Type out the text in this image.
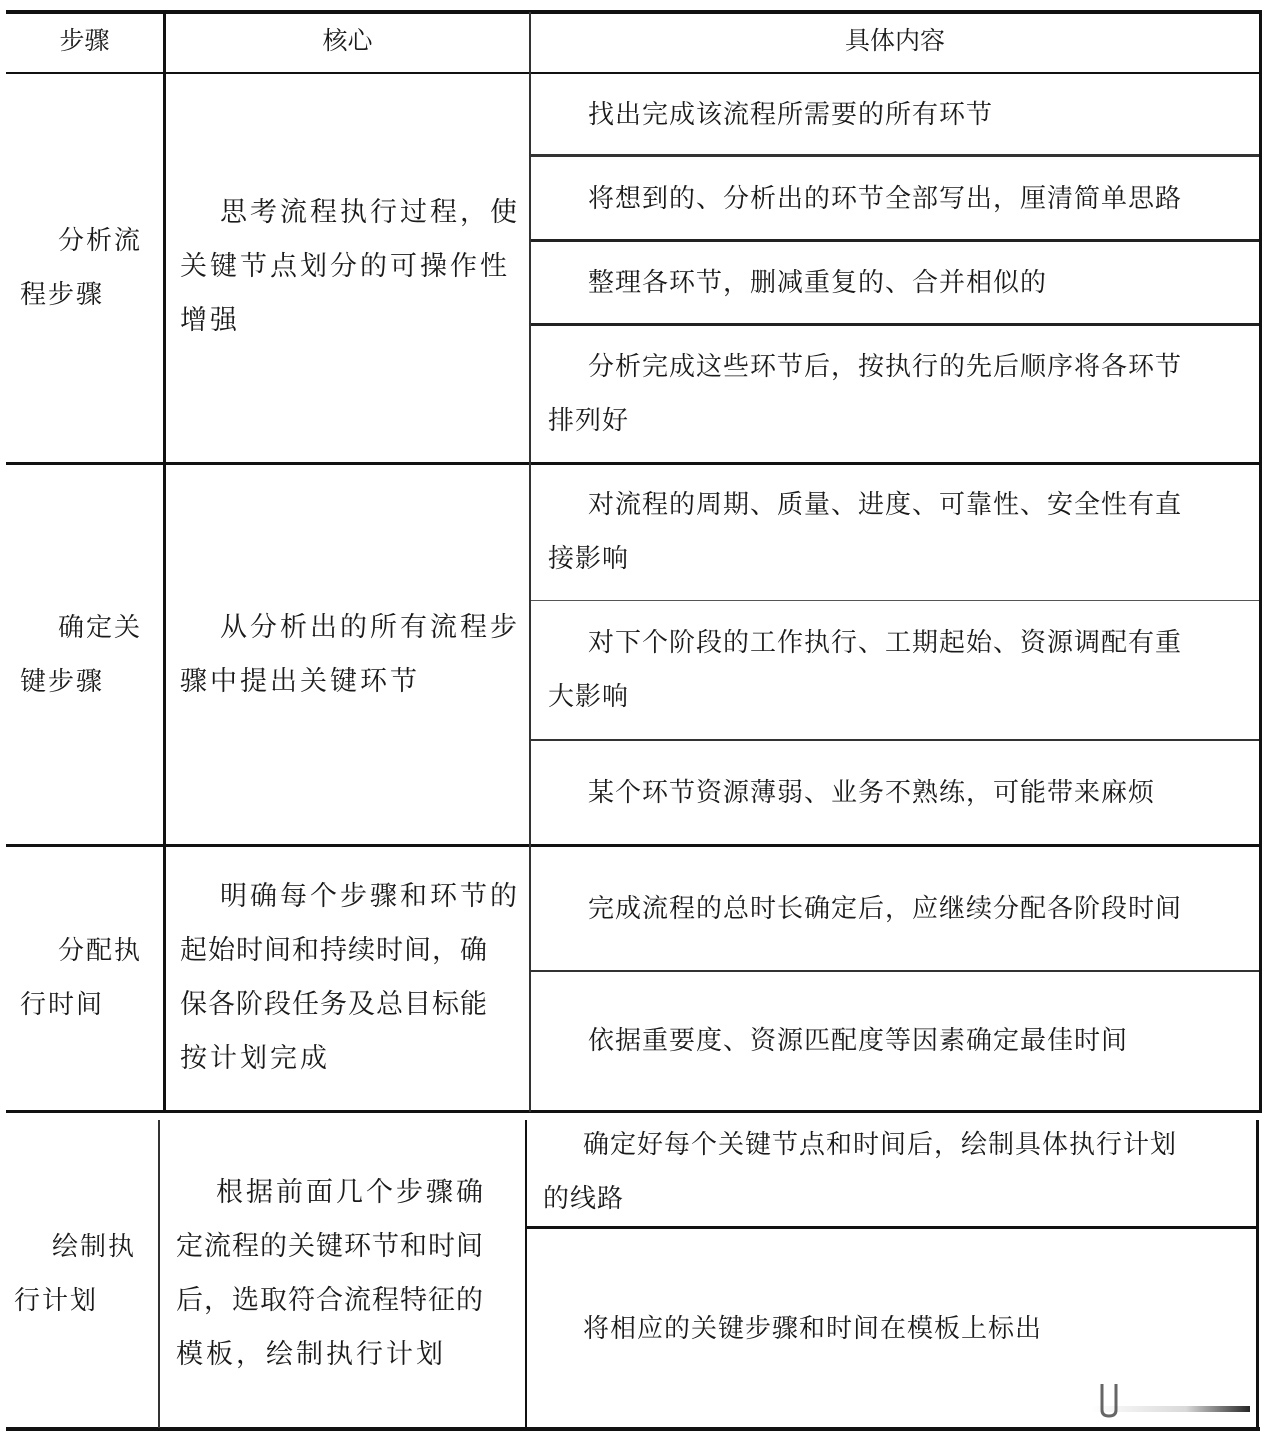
步骤	核心	具体内容
分析流
程步骤
思考流程执行过程，使
关键节点划分的可操作性
增强
找出完成该流程所需要的所有环节
将想到的、分析出的环节全部写出，厘清简单思路
整理各环节，删减重复的、合并相似的
分析完成这些环节后，按执行的先后顺序将各环节
排列好
确定关
键步骤
从分析出的所有流程步
骤中提出关键环节
对流程的周期、质量、进度、可靠性、安全性有直
接影响
对下个阶段的工作执行、工期起始、资源调配有重
大影响
某个环节资源薄弱、业务不熟练，可能带来麻烦
分配执
行时间
明确每个步骤和环节的
起始时间和持续时间，确
保各阶段任务及总目标能
按计划完成
完成流程的总时长确定后，应继续分配各阶段时间
依据重要度、资源匹配度等因素确定最佳时间
绘制执
行计划
根据前面几个步骤确
定流程的关键环节和时间
后，选取符合流程特征的
模板，绘制执行计划
确定好每个关键节点和时间后，绘制具体执行计划
的线路
将相应的关键步骤和时间在模板上标出
